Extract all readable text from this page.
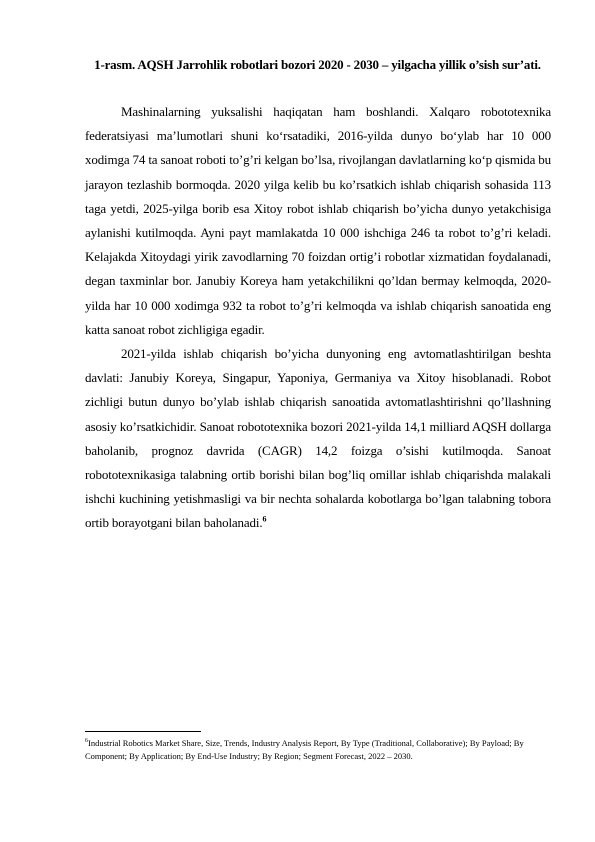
1-rasm. AQSH Jarrohlik robotlari bozori 2020 - 2030 – yilgacha yillik o’sish sur’ati.

Mashinalarning yuksalishi haqiqatan ham boshlandi. Xalqaro robototexnika federatsiyasi maʼlumotlari shuni ko‘rsatadiki, 2016-yilda dunyo bo‘ylab har 10 000 xodimga 74 ta sanoat roboti to’g’ri kelgan bo’lsa, rivojlangan davlatlarning ko‘p qismida bu jarayon tezlashib bormoqda. 2020 yilga kelib bu ko’rsatkich ishlab chiqarish sohasida 113 taga yetdi, 2025-yilga borib esa Xitoy robot ishlab chiqarish bo’yicha dunyo yetakchisiga aylanishi kutilmoqda. Ayni payt mamlakatda 10 000 ishchiga 246 ta robot to’g’ri keladi. Kelajakda Xitoydagi yirik zavodlarning 70 foizdan ortig’i robotlar xizmatidan foydalanadi, degan taxminlar bor. Janubiy Koreya ham yetakchilikni qo’ldan bermay kelmoqda, 2020-yilda har 10 000 xodimga 932 ta robot to’g’ri kelmoqda va ishlab chiqarish sanoatida eng katta sanoat robot zichligiga egadir.

2021-yilda ishlab chiqarish bo’yicha dunyoning eng avtomatlashtirilgan beshta davlati: Janubiy Koreya, Singapur, Yaponiya, Germaniya va Xitoy hisoblanadi. Robot zichligi butun dunyo bo’ylab ishlab chiqarish sanoatida avtomatlashtirishni qo’llashning asosiy ko’rsatkichidir. Sanoat robototexnika bozori 2021-yilda 14,1 milliard AQSH dollarga baholanib, prognoz davrida (CAGR) 14,2 foizga o’sishi kutilmoqda. Sanoat robototexnikasiga talabning ortib borishi bilan bog’liq omillar ishlab chiqarishda malakali ishchi kuchining yetishmasligi va bir nechta sohalarda kobotlarga bo’lgan talabning tobora ortib borayotgani bilan baholanadi.$^6$

$^6$Industrial Robotics Market Share, Size, Trends, Industry Analysis Report, By Type (Traditional, Collaborative); By Payload; By Component; By Application; By End-Use Industry; By Region; Segment Forecast, 2022 – 2030.
